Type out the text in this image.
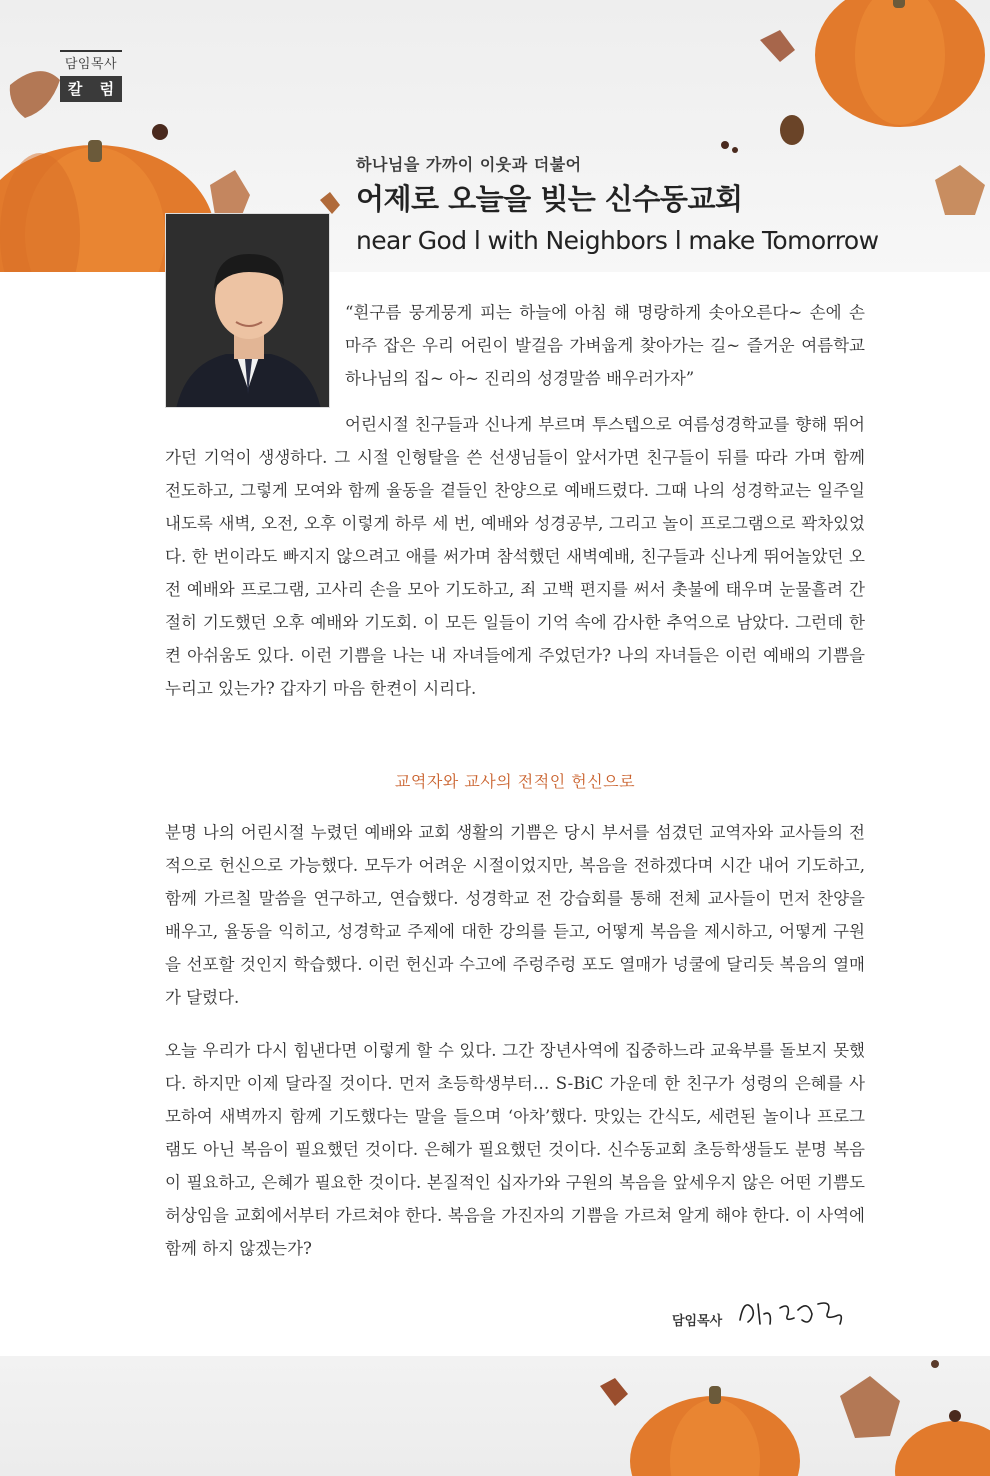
담임목사
칼 럼
하나님을 가까이 이웃과 더불어
어제로 오늘을 빚는 신수동교회
near God l with Neighbors l make Tomorrow
“흰구름 뭉게뭉게 피는 하늘에 아침 해 명랑하게 솟아오른다~ 손에 손 마주 잡은 우리 어린이 발걸음 가벼웁게 찾아가는 길~ 즐거운 여름학교 하나님의 집~ 아~ 진리의 성경말씀 배우러가자”
어린시절 친구들과 신나게 부르며 투스텝으로 여름성경학교를 향해 뛰어가던 기억이 생생하다. 그 시절 인형탈을 쓴 선생님들이 앞서가면 친구들이 뒤를 따라 가며 함께 전도하고, 그렇게 모여와 함께 율동을 곁들인 찬양으로 예배드렸다. 그때 나의 성경학교는 일주일 내도록 새벽, 오전, 오후 이렇게 하루 세 번, 예배와 성경공부, 그리고 놀이 프로그램으로 꽉차있었다. 한 번이라도 빠지지 않으려고 애를 써가며 참석했던 새벽예배, 친구들과 신나게 뛰어놀았던 오전 예배와 프로그램, 고사리 손을 모아 기도하고, 죄 고백 편지를 써서 촛불에 태우며 눈물흘려 간절히 기도했던 오후 예배와 기도회. 이 모든 일들이 기억 속에 감사한 추억으로 남았다. 그런데 한켠 아쉬움도 있다. 이런 기쁨을 나는 내 자녀들에게 주었던가? 나의 자녀들은 이런 예배의 기쁨을 누리고 있는가? 갑자기 마음 한켠이 시리다.
교역자와 교사의 전적인 헌신으로
분명 나의 어린시절 누렸던 예배와 교회 생활의 기쁨은 당시 부서를 섬겼던 교역자와 교사들의 전적으로 헌신으로 가능했다. 모두가 어려운 시절이었지만, 복음을 전하겠다며 시간 내어 기도하고, 함께 가르칠 말씀을 연구하고, 연습했다. 성경학교 전 강습회를 통해 전체 교사들이 먼저 찬양을 배우고, 율동을 익히고, 성경학교 주제에 대한 강의를 듣고, 어떻게 복음을 제시하고, 어떻게 구원을 선포할 것인지 학습했다. 이런 헌신과 수고에 주렁주렁 포도 열매가 넝쿨에 달리듯 복음의 열매가 달렸다.
오늘 우리가 다시 힘낸다면 이렇게 할 수 있다. 그간 장년사역에 집중하느라 교육부를 돌보지 못했다. 하지만 이제 달라질 것이다. 먼저 초등학생부터… S-BiC 가운데 한 친구가 성령의 은혜를 사모하여 새벽까지 함께 기도했다는 말을 들으며 ‘아차’했다. 맛있는 간식도, 세련된 놀이나 프로그램도 아닌 복음이 필요했던 것이다. 은혜가 필요했던 것이다. 신수동교회 초등학생들도 분명 복음이 필요하고, 은혜가 필요한 것이다. 본질적인 십자가와 구원의 복음을 앞세우지 않은 어떤 기쁨도 허상임을 교회에서부터 가르쳐야 한다. 복음을 가진자의 기쁨을 가르쳐 알게 해야 한다. 이 사역에 함께 하지 않겠는가?
담임목사
